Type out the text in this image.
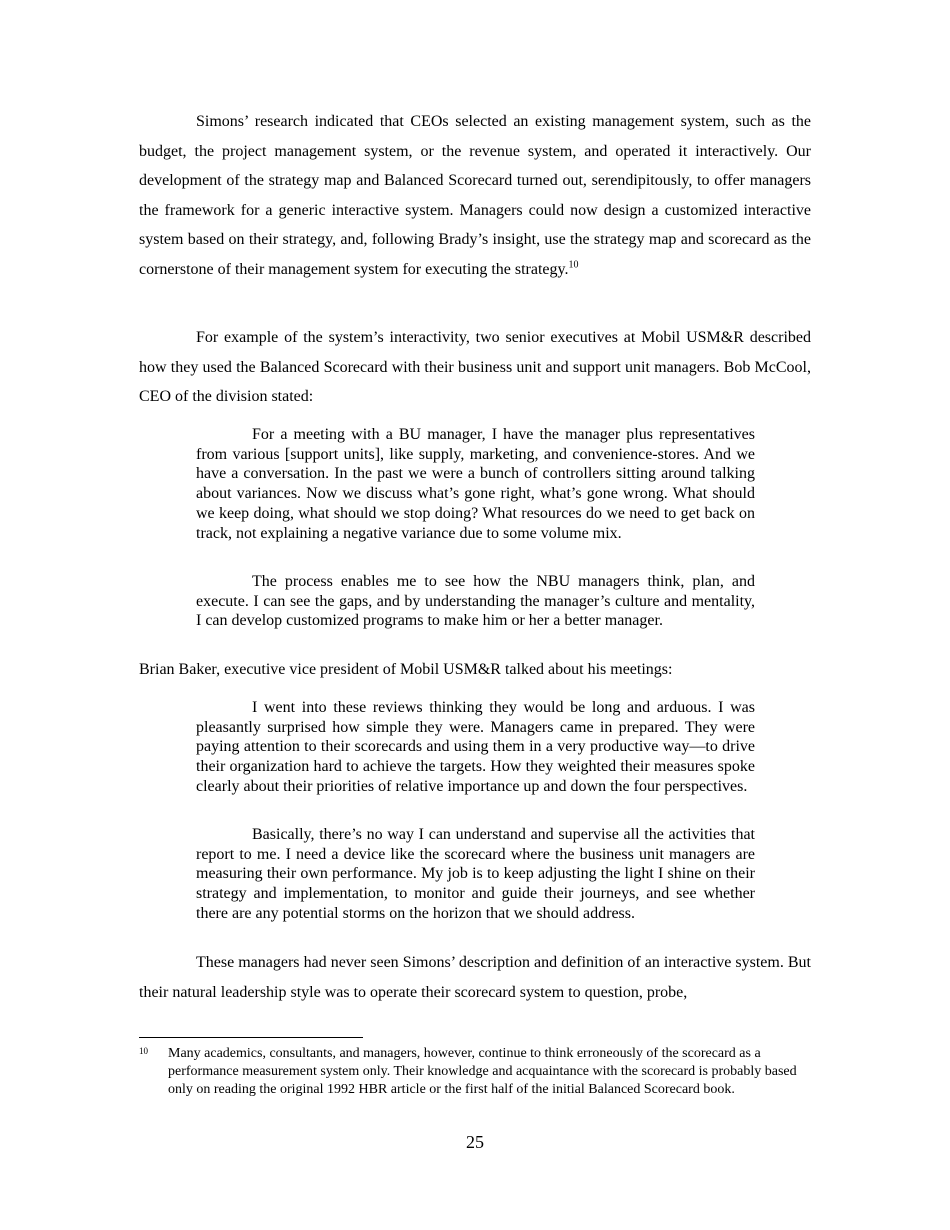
Simons’ research indicated that CEOs selected an existing management system, such as the budget, the project management system, or the revenue system, and operated it interactively. Our development of the strategy map and Balanced Scorecard turned out, serendipitously, to offer managers the framework for a generic interactive system. Managers could now design a customized interactive system based on their strategy, and, following Brady’s insight, use the strategy map and scorecard as the cornerstone of their management system for executing the strategy.$^{10}$

For example of the system’s interactivity, two senior executives at Mobil USM&R described how they used the Balanced Scorecard with their business unit and support unit managers. Bob McCool, CEO of the division stated:

For a meeting with a BU manager, I have the manager plus representatives from various [support units], like supply, marketing, and convenience-stores. And we have a conversation. In the past we were a bunch of controllers sitting around talking about variances. Now we discuss what’s gone right, what’s gone wrong. What should we keep doing, what should we stop doing? What resources do we need to get back on track, not explaining a negative variance due to some volume mix.

The process enables me to see how the NBU managers think, plan, and execute. I can see the gaps, and by understanding the manager’s culture and mentality, I can develop customized programs to make him or her a better manager.

Brian Baker, executive vice president of Mobil USM&R talked about his meetings:

I went into these reviews thinking they would be long and arduous. I was pleasantly surprised how simple they were. Managers came in prepared. They were paying attention to their scorecards and using them in a very productive way—to drive their organization hard to achieve the targets. How they weighted their measures spoke clearly about their priorities of relative importance up and down the four perspectives.

Basically, there’s no way I can understand and supervise all the activities that report to me. I need a device like the scorecard where the business unit managers are measuring their own performance. My job is to keep adjusting the light I shine on their strategy and implementation, to monitor and guide their journeys, and see whether there are any potential storms on the horizon that we should address.

These managers had never seen Simons’ description and definition of an interactive system. But their natural leadership style was to operate their scorecard system to question, probe,

10 Many academics, consultants, and managers, however, continue to think erroneously of the scorecard as a performance measurement system only. Their knowledge and acquaintance with the scorecard is probably based only on reading the original 1992 HBR article or the first half of the initial Balanced Scorecard book.

25
